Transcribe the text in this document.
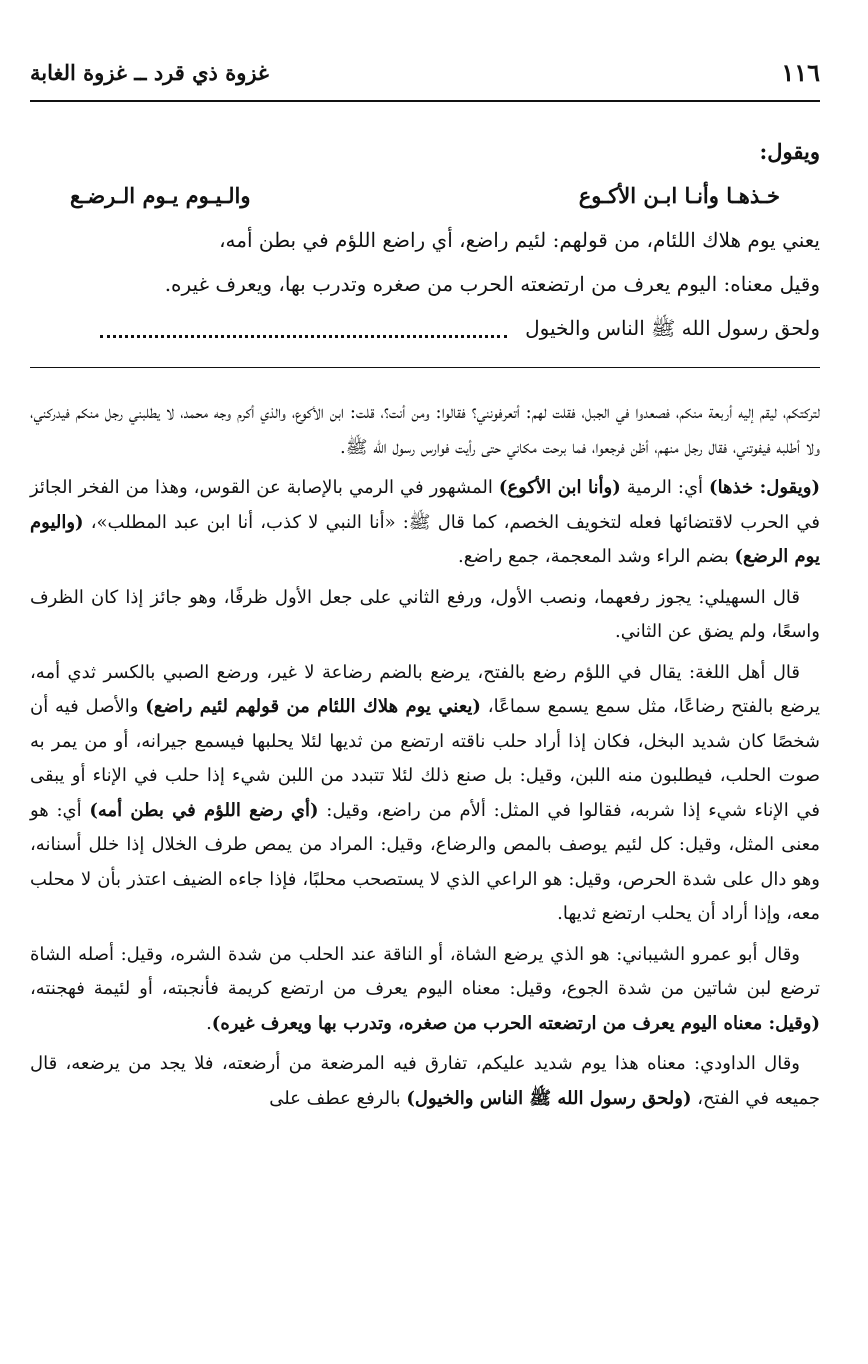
غزوة ذي قرد ــ غزوة الغابة	١١٦

ويقول:

خـذهـا وأنـا ابـن الأكـوع
والـيـوم يـوم الـرضـع

يعني يوم هلاك اللئام، من قولهم: لئيم راضع، أي راضع اللؤم في بطن أمه،

وقيل معناه: اليوم يعرف من ارتضعته الحرب من صغره وتدرب بها، ويعرف غيره.

ولحق رسول الله ﷺ الناس والخيول

لتركتكم، ليقم إليه أربعة منكم، فصعدوا في الجبل، فقلت لهم: أتعرفونني؟ فقالوا: ومن أنت؟، قلت: ابن الأكوع، والذي أكرم وجه محمد، لا يطلبني رجل منكم فيدركني، ولا أطلبه فيفوتني، فقال رجل منهم، أظن فرجعوا، فما برحت مكاني حتى رأيت فوارس رسول الله ﷺ.

(ويقول: خذها) أي: الرمية (وأنا ابن الأكوع) المشهور في الرمي بالإصابة عن القوس، وهذا من الفخر الجائز في الحرب لاقتضائها فعله لتخويف الخصم، كما قال ﷺ: «أنا النبي لا كذب، أنا ابن عبد المطلب»، (واليوم يوم الرضع) بضم الراء وشد المعجمة، جمع راضع.

قال السهيلي: يجوز رفعهما، ونصب الأول، ورفع الثاني على جعل الأول ظرفًا، وهو جائز إذا كان الظرف واسعًا، ولم يضق عن الثاني.

قال أهل اللغة: يقال في اللؤم رضع بالفتح، يرضع بالضم رضاعة لا غير، ورضع الصبي بالكسر ثدي أمه، يرضع بالفتح رضاعًا، مثل سمع يسمع سماعًا، (يعني يوم هلاك اللئام من قولهم لئيم راضع) والأصل فيه أن شخصًا كان شديد البخل، فكان إذا أراد حلب ناقته ارتضع من ثديها لئلا يحلبها فيسمع جيرانه، أو من يمر به صوت الحلب، فيطلبون منه اللبن، وقيل: بل صنع ذلك لئلا تتبدد من اللبن شيء إذا حلب في الإناء أو يبقى في الإناء شيء إذا شربه، فقالوا في المثل: ألأم من راضع، وقيل: (أي رضع اللؤم في بطن أمه) أي: هو معنى المثل، وقيل: كل لئيم يوصف بالمص والرضاع، وقيل: المراد من يمص طرف الخلال إذا خلل أسنانه، وهو دال على شدة الحرص، وقيل: هو الراعي الذي لا يستصحب محلبًا، فإذا جاءه الضيف اعتذر بأن لا محلب معه، وإذا أراد أن يحلب ارتضع ثديها.

وقال أبو عمرو الشيباني: هو الذي يرضع الشاة، أو الناقة عند الحلب من شدة الشره، وقيل: أصله الشاة ترضع لبن شاتين من شدة الجوع، وقيل: معناه اليوم يعرف من ارتضع كريمة فأنجبته، أو لئيمة فهجنته، (وقيل: معناه اليوم يعرف من ارتضعته الحرب من صغره، وتدرب بها ويعرف غيره).

وقال الداودي: معناه هذا يوم شديد عليكم، تفارق فيه المرضعة من أرضعته، فلا يجد من يرضعه، قال جميعه في الفتح، (ولحق رسول الله ﷺ الناس والخيول) بالرفع عطف على
